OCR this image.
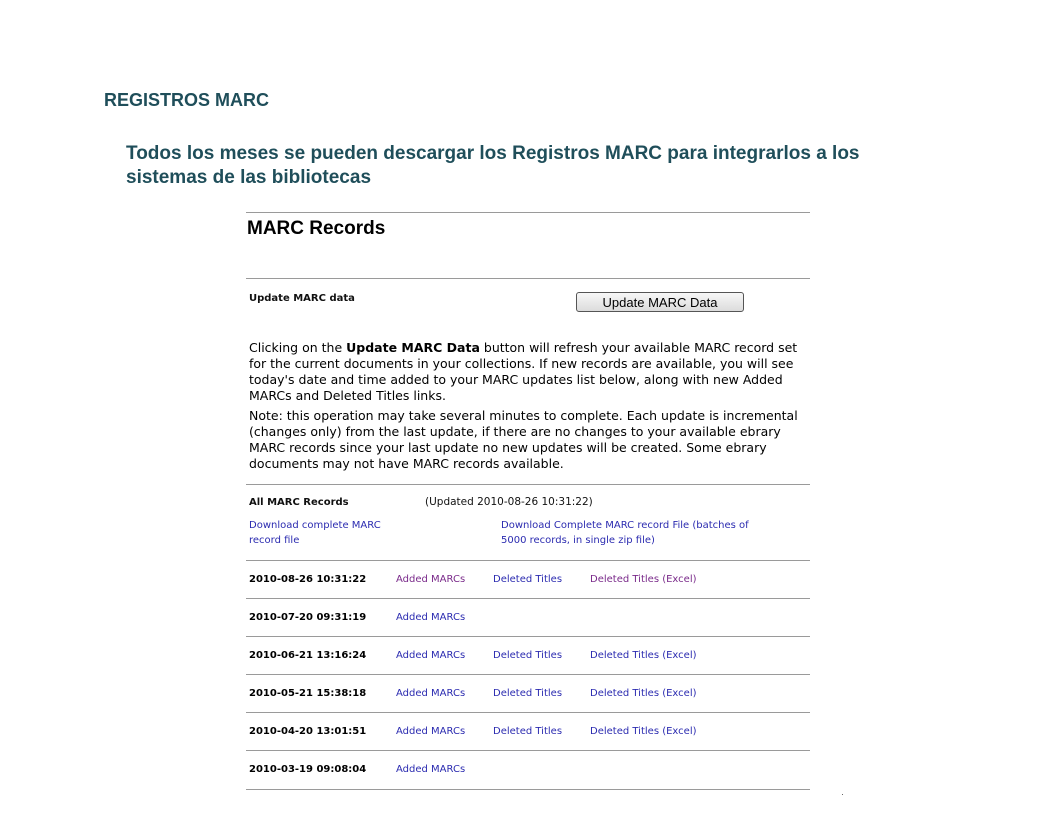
REGISTROS MARC
Todos los meses se pueden descargar los Registros MARC para integrarlos a los sistemas de las bibliotecas
MARC Records
Update MARC data	Update MARC Data
Clicking on the Update MARC Data button will refresh your available MARC record set for the current documents in your collections. If new records are available, you will see today's date and time added to your MARC updates list below, along with new Added MARCs and Deleted Titles links.
Note: this operation may take several minutes to complete. Each update is incremental (changes only) from the last update, if there are no changes to your available ebrary MARC records since your last update no new updates will be created. Some ebrary documents may not have MARC records available.
All MARC Records	(Updated 2010-08-26 10:31:22)
Download complete MARC
record file
Download Complete MARC record File (batches of
5000 records, in single zip file)
2010-08-26 10:31:22	Added MARCs	Deleted Titles	Deleted Titles (Excel)
2010-07-20 09:31:19	Added MARCs
2010-06-21 13:16:24	Added MARCs	Deleted Titles	Deleted Titles (Excel)
2010-05-21 15:38:18	Added MARCs	Deleted Titles	Deleted Titles (Excel)
2010-04-20 13:01:51	Added MARCs	Deleted Titles	Deleted Titles (Excel)
2010-03-19 09:08:04	Added MARCs
